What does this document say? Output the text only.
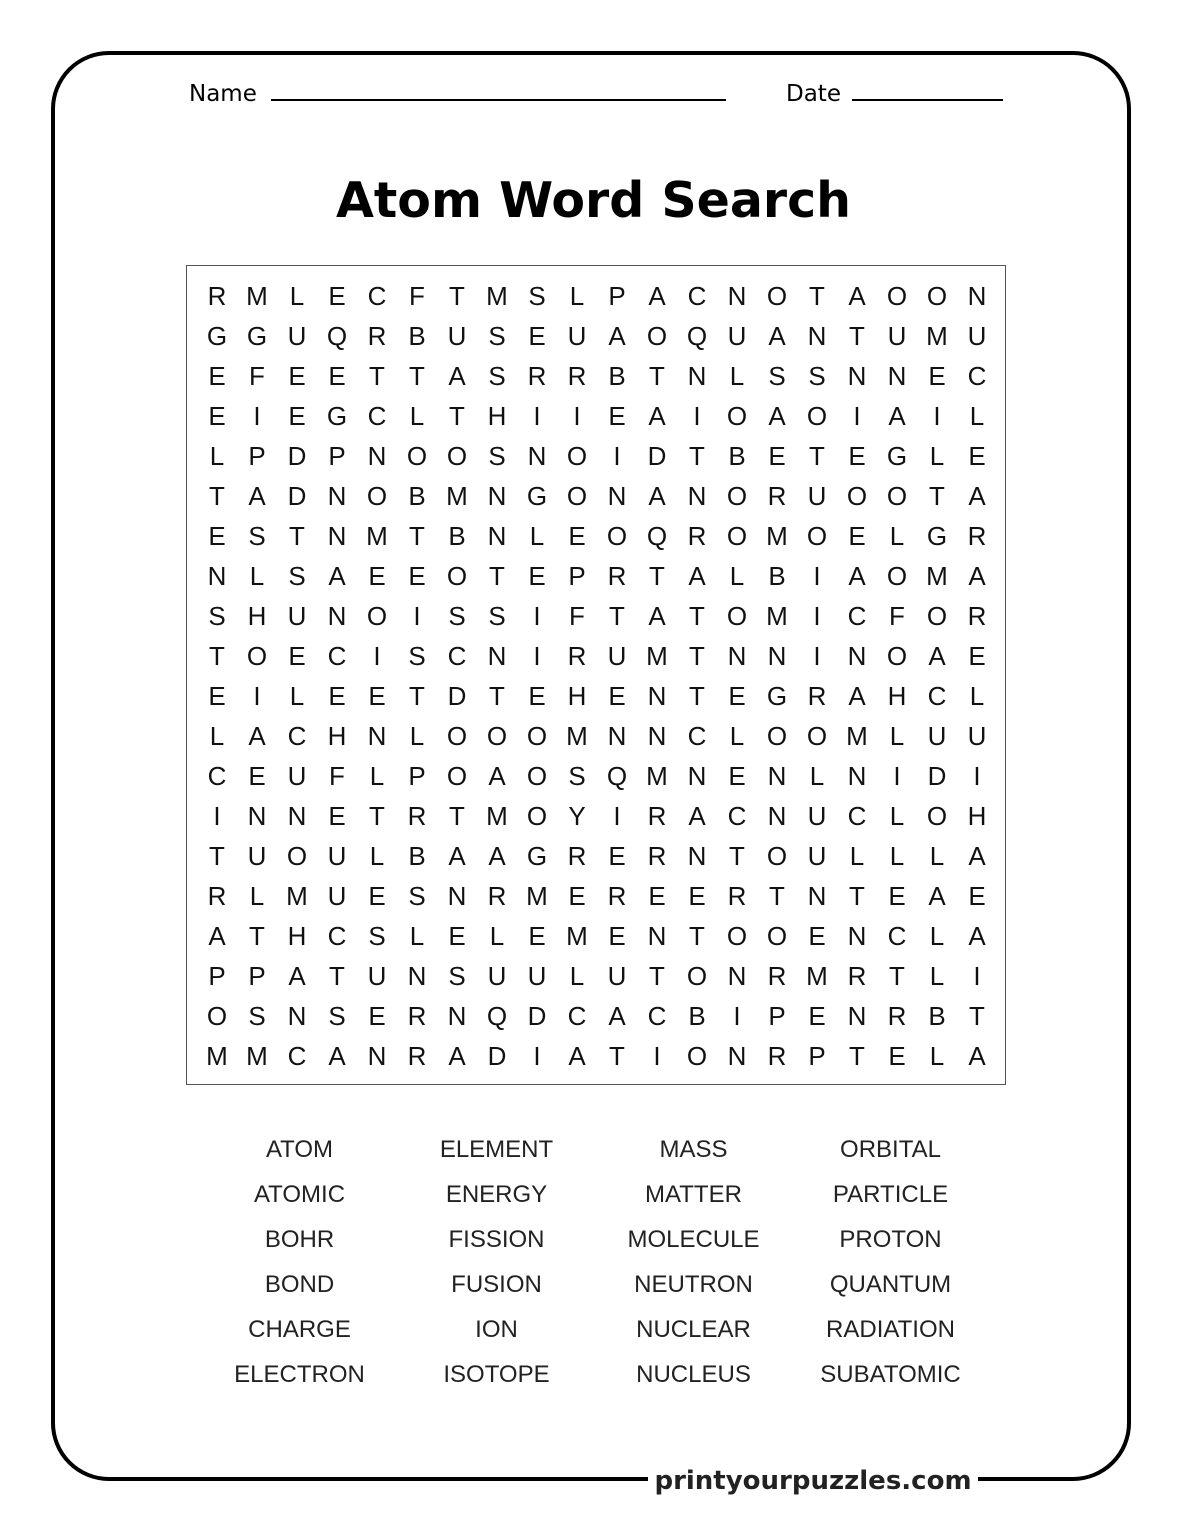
Name	Date
Atom Word Search
R M L E C F T M S L P A C N O T A O O N
G G U Q R B U S E U A O Q U A N T U M U
E F E E T T A S R R B T N L S S N N E C
E	I	E G C L T H	I	I	E A	I	O A O	I	A	I	L
L P D P N O O S N O	I	D T B E T E G L E
T A D N O B M N G O N A N O R U O O T A
E S T N M T B N L E O Q R O M O E L G R
N L S A E E O T E P R T A L B	I	A O M A
S H U N O	I	S S	I	F T A T O M I	C F O R
T O E C	I	S C N	I	R U M T N N	I	N O A E
E	I	L E E T D T E H E N T E G R A H C L
L A C H N L O O O M N N C L O O M L U U
C E U F L P O A O S Q M N E N L N	I	D	I
I	N N E T R T M O Y	I	R A C N U C L O H
T U O U L B A A G R E R N T O U L L L A
R L M U E S N R M E R E E R T N T E A E
A T H C S L E L E M E N T O O E N C L A
P P A T U N S U U L U T O N R M R T L	I
O S N S E R N Q D C A C B	I	P E N R B T
M M C A N R A D	I	A T	I	O N R P T E L A
ATOM	ELEMENT	MASS	ORBITAL
ATOMIC	ENERGY	MATTER	PARTICLE
BOHR	FISSION	MOLECULE	PROTON
BOND	FUSION	NEUTRON	QUANTUM
CHARGE	ION	NUCLEAR	RADIATION
ELECTRON	ISOTOPE	NUCLEUS	SUBATOMIC
printyourpuzzles.com
